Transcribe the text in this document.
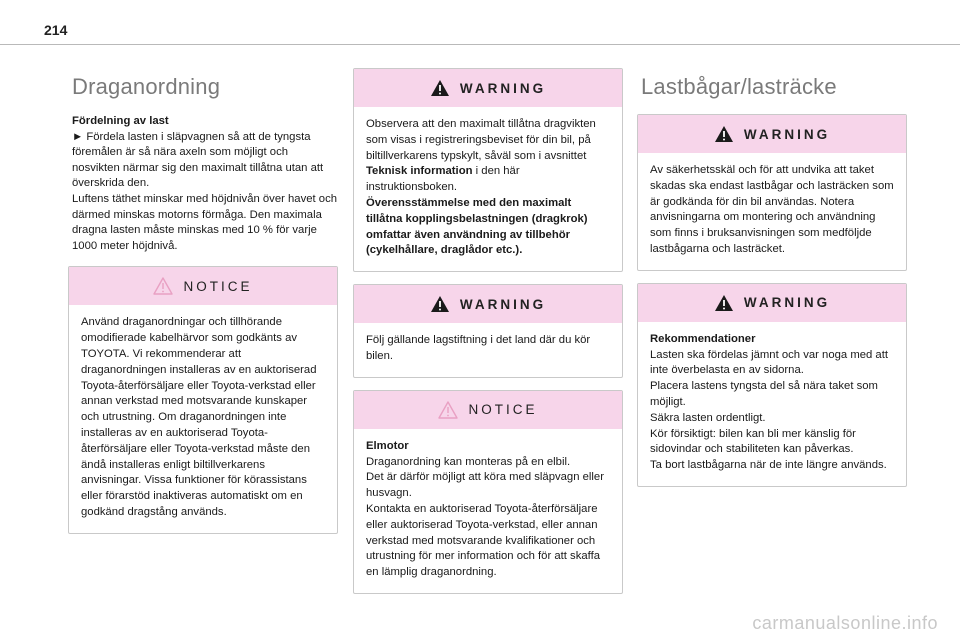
214
Draganordning

Fördelning av last

► Fördela lasten i släpvagnen så att de tyngsta föremålen är så nära axeln som möjligt och nosvikten närmar sig den maximalt tillåtna utan att överskrida den.

Luftens täthet minskar med höjdnivån över havet och därmed minskas motorns förmåga. Den maximala dragna lasten måste minskas med 10 % för varje 1000 meter höjdnivå.

NOTICE
Använd draganordningar och tillhörande omodifierade kabelhärvor som godkänts av TOYOTA. Vi rekommenderar att draganordningen installeras av en auktoriserad Toyota-återförsäljare eller Toyota-verkstad eller annan verkstad med motsvarande kunskaper och utrustning. Om draganordningen inte installeras av en auktoriserad Toyota-återförsäljare eller Toyota-verkstad måste den ändå installeras enligt biltillverkarens anvisningar. Vissa funktioner för körassistans eller förarstöd inaktiveras automatiskt om en godkänd dragstång används.
WARNING
Observera att den maximalt tillåtna dragvikten som visas i registreringsbeviset för din bil, på biltillverkarens typskylt, såväl som i avsnittet Teknisk information i den här instruktionsboken.
Överensstämmelse med den maximalt tillåtna kopplingsbelastningen (dragkrok) omfattar även användning av tillbehör (cykelhållare, draglådor etc.).
WARNING
Följ gällande lagstiftning i det land där du kör bilen.
NOTICE
Elmotor
Draganordning kan monteras på en elbil.
Det är därför möjligt att köra med släpvagn eller husvagn.
Kontakta en auktoriserad Toyota-återförsäljare eller auktoriserad Toyota-verkstad, eller annan verkstad med motsvarande kvalifikationer och utrustning för mer information och för att skaffa en lämplig draganordning.
Lastbågar/lasträcke
WARNING
Av säkerhetsskäl och för att undvika att taket skadas ska endast lastbågar och lasträcken som är godkända för din bil användas. Notera anvisningarna om montering och användning som finns i bruksanvisningen som medföljde lastbågarna och lasträcket.
WARNING
Rekommendationer
Lasten ska fördelas jämnt och var noga med att inte överbelasta en av sidorna.
Placera lastens tyngsta del så nära taket som möjligt.
Säkra lasten ordentligt.
Kör försiktigt: bilen kan bli mer känslig för sidovindar och stabiliteten kan påverkas.
Ta bort lastbågarna när de inte längre används.
carmanualsonline.info
